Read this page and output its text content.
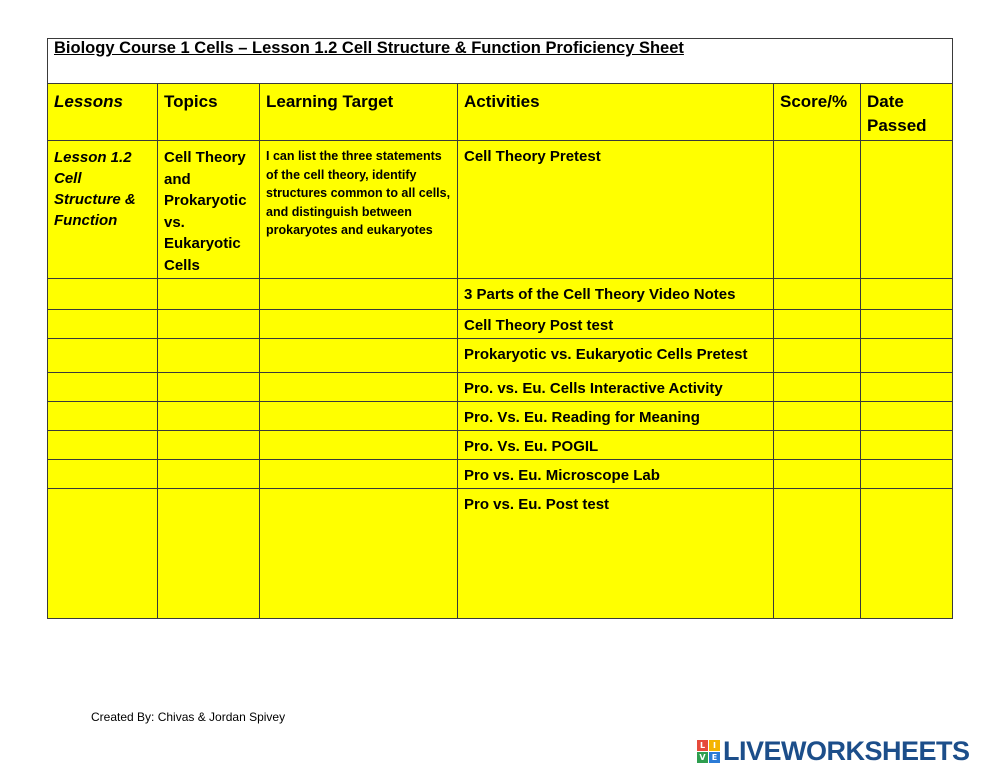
Biology Course 1 Cells – Lesson 1.2 Cell Structure & Function Proficiency Sheet					
Lessons	Topics	Learning Target	Activities	Score/%	Date Passed
Lesson 1.2 Cell Structure & Function	Cell Theory and Prokaryotic vs. Eukaryotic Cells	I can list the three statements of the cell theory, identify structures common to all cells, and distinguish between prokaryotes and eukaryotes	Cell Theory Pretest		
			3 Parts of the Cell Theory Video Notes		
			Cell Theory Post test		
			Prokaryotic vs. Eukaryotic Cells Pretest		
			Pro. vs. Eu. Cells Interactive Activity		
			Pro. Vs. Eu. Reading for Meaning		
			Pro. Vs. Eu. POGIL		
			Pro vs. Eu. Microscope Lab		
			Pro vs. Eu. Post test		
Created By: Chivas & Jordan Spivey
L I
V E LIVEWORKSHEETS
